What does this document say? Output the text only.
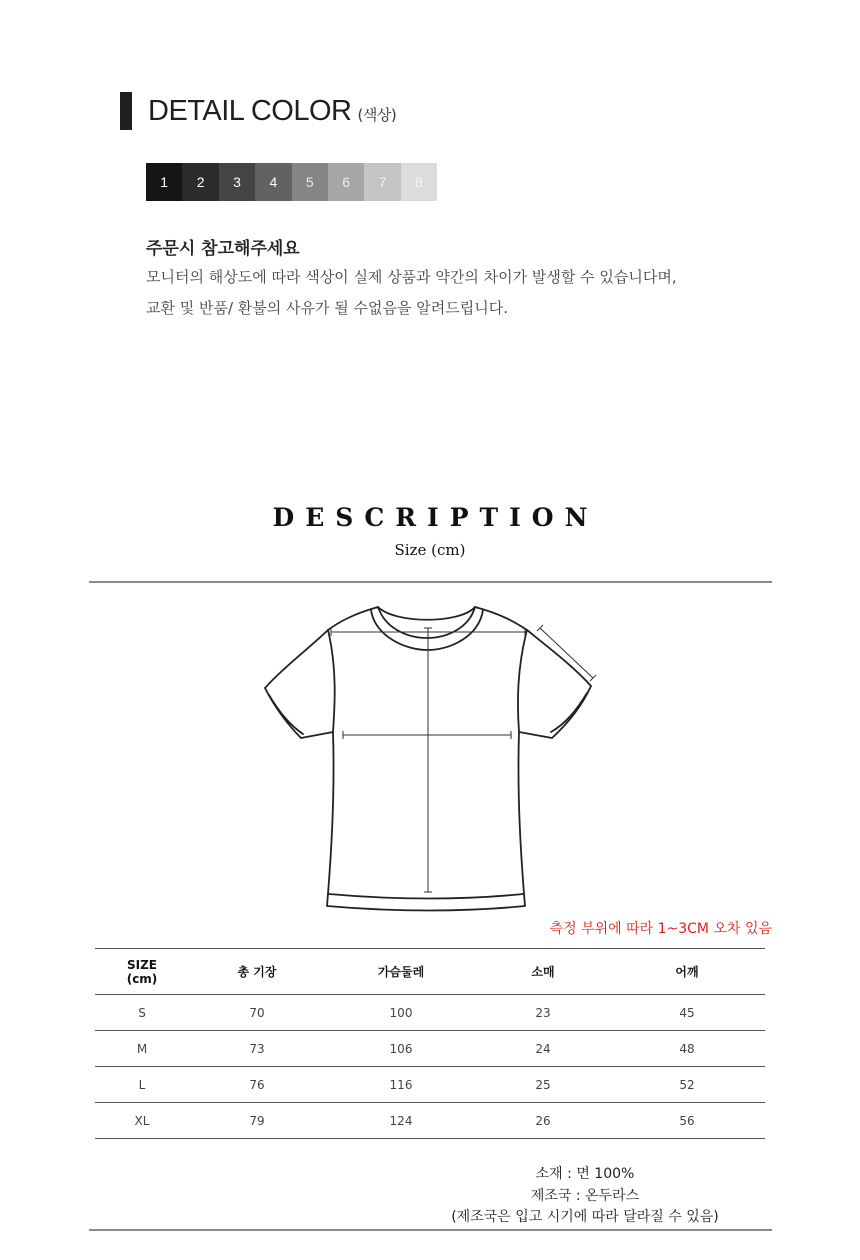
DETAIL COLOR (색상)
1	2	3	4	5	6	7	8
주문시 참고해주세요
모니터의 해상도에 따라 색상이 실제 상품과 약간의 차이가 발생할 수 있습니다며,
교환 및 반품/ 환불의 사유가 될 수없음을 알려드립니다.
DESCRIPTION
Size (cm)
측정 부위에 따라 1~3CM 오차 있음
SIZE
(cm)	총 기장	가슴둘레	소매	어깨
S	70	100	23	45
M	73	106	24	48
L	76	116	25	52
XL	79	124	26	56
소재 : 면 100%
제조국 : 온두라스
(제조국은 입고 시기에 따라 달라질 수 있음)
